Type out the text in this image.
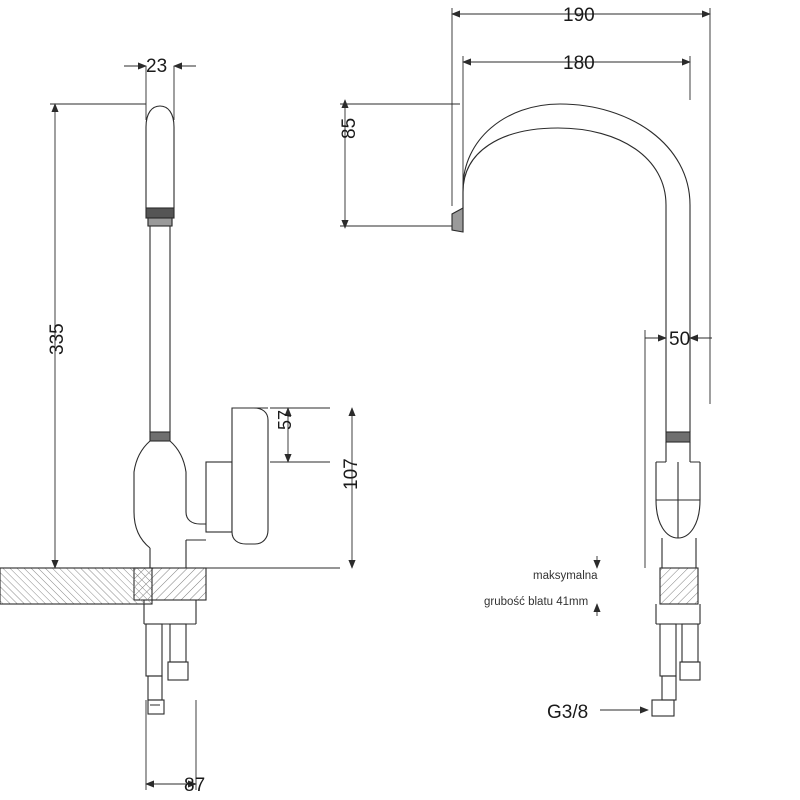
190
180
85
50
23
335
57
107
87
G3/8
maksymalna
grubość blatu 41mm
